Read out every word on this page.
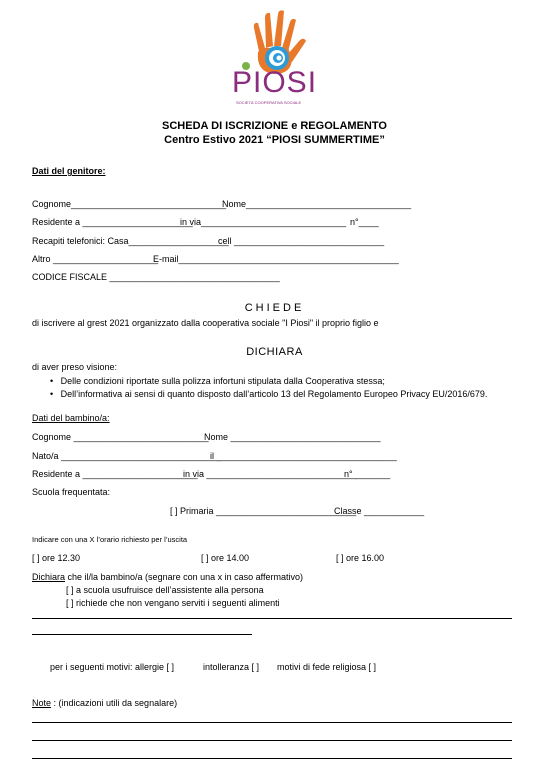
PIOSI
SOCIETÀ COOPERATIVA SOCIALE
SCHEDA DI ISCRIZIONE e REGOLAMENTO
Centro Estivo 2021 “PIOSI SUMMERTIME”
Dati del genitore:
Cognome_______________________________
Nome_________________________________
Residente a ______________________
in via_____________________________ n°____
Recapiti telefonici: Casa____________________
cell ______________________________
Altro _____________________
E-mail____________________________________________
CODICE FISCALE __________________________________
CHIEDE
di iscrivere al grest 2021 organizzato dalla cooperativa sociale "I Piosi" il proprio figlio e
DICHIARA
di aver preso visione:
• Delle condizioni riportate sulla polizza infortuni stipulata dalla Cooperativa stessa;
• Dell’informativa ai sensi di quanto disposto dall’articolo 13 del Regolamento Europeo Privacy EU/2016/679.
Dati del bambino/a:
Cognome ___________________________
Nome ______________________________
Nato/a ________________________________
il ____________________________________
Residente a _______________________
in via ______________________________
n° _______
Scuola frequentata:
[ ] Primaria ____________________________
Classe ____________
Indicare con una X l’orario richiesto per l’uscita
[ ] ore 12.30	[ ] ore 14.00	[ ] ore 16.00
Dichiara che il/la bambino/a (segnare con una x in caso affermativo)
[ ] a scuola usufruisce dell’assistente alla persona
[ ] richiede che non vengano serviti i seguenti alimenti
per i seguenti motivi: allergie [ ]	intolleranza [ ] motivi di fede religiosa [ ]
Note : (indicazioni utili da segnalare)
